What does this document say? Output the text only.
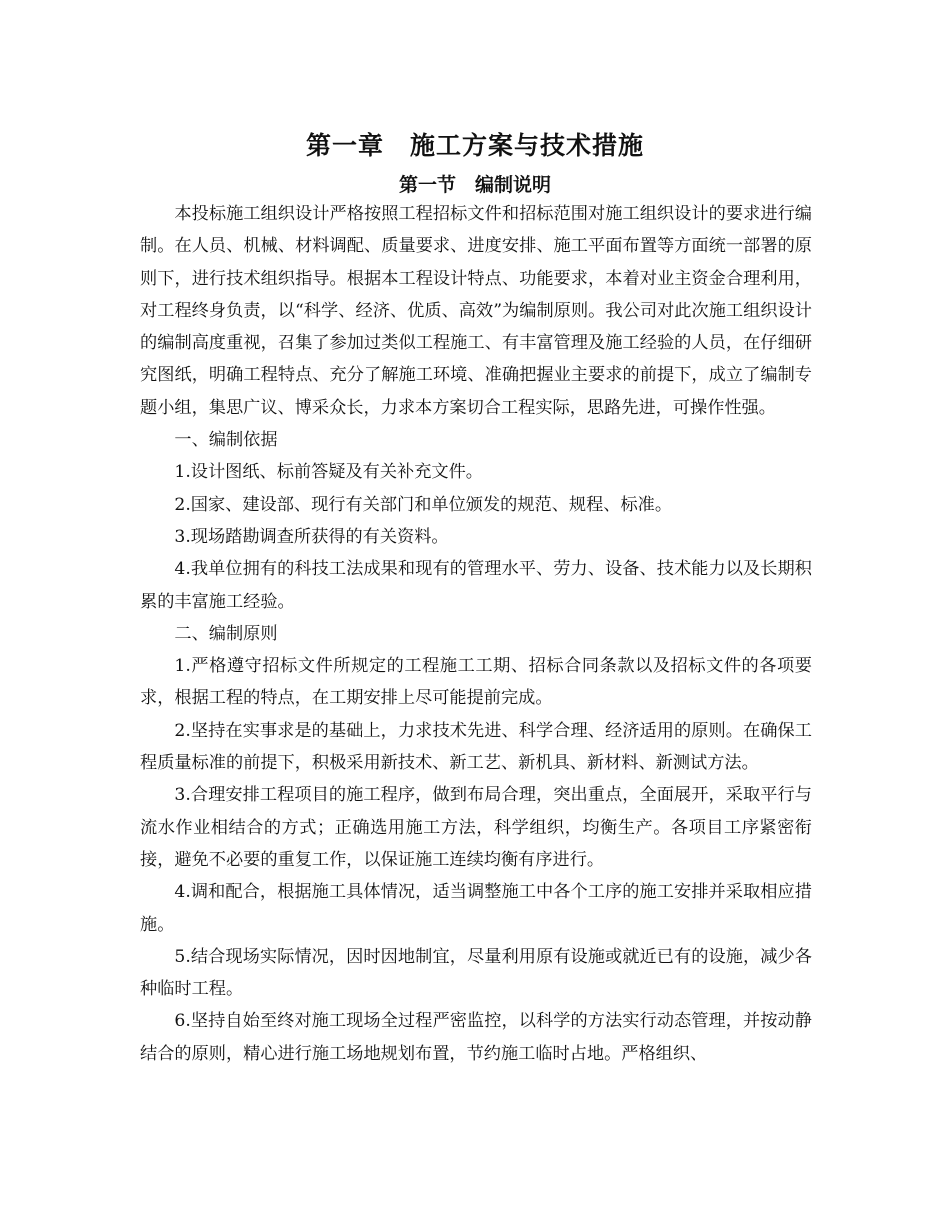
第一章　施工方案与技术措施
第一节　编制说明

本投标施工组织设计严格按照工程招标文件和招标范围对施工组织设计的要求进行编制。在人员、机械、材料调配、质量要求、进度安排、施工平面布置等方面统一部署的原则下，进行技术组织指导。根据本工程设计特点、功能要求，本着对业主资金合理利用，对工程终身负责，以“科学、经济、优质、高效”为编制原则。我公司对此次施工组织设计的编制高度重视，召集了参加过类似工程施工、有丰富管理及施工经验的人员，在仔细研究图纸，明确工程特点、充分了解施工环境、准确把握业主要求的前提下，成立了编制专题小组，集思广议、博采众长，力求本方案切合工程实际，思路先进，可操作性强。

一、编制依据

1.设计图纸、标前答疑及有关补充文件。

2.国家、建设部、现行有关部门和单位颁发的规范、规程、标准。

3.现场踏勘调查所获得的有关资料。

4.我单位拥有的科技工法成果和现有的管理水平、劳力、设备、技术能力以及长期积累的丰富施工经验。

二、编制原则

1.严格遵守招标文件所规定的工程施工工期、招标合同条款以及招标文件的各项要求，根据工程的特点，在工期安排上尽可能提前完成。

2.坚持在实事求是的基础上，力求技术先进、科学合理、经济适用的原则。在确保工程质量标准的前提下，积极采用新技术、新工艺、新机具、新材料、新测试方法。

3.合理安排工程项目的施工程序，做到布局合理，突出重点，全面展开，采取平行与流水作业相结合的方式；正确选用施工方法，科学组织，均衡生产。各项目工序紧密衔接，避免不必要的重复工作，以保证施工连续均衡有序进行。

4.调和配合，根据施工具体情况，适当调整施工中各个工序的施工安排并采取相应措施。

5.结合现场实际情况，因时因地制宜，尽量利用原有设施或就近已有的设施，减少各种临时工程。

6.坚持自始至终对施工现场全过程严密监控，以科学的方法实行动态管理，并按动静结合的原则，精心进行施工场地规划布置，节约施工临时占地。严格组织、
